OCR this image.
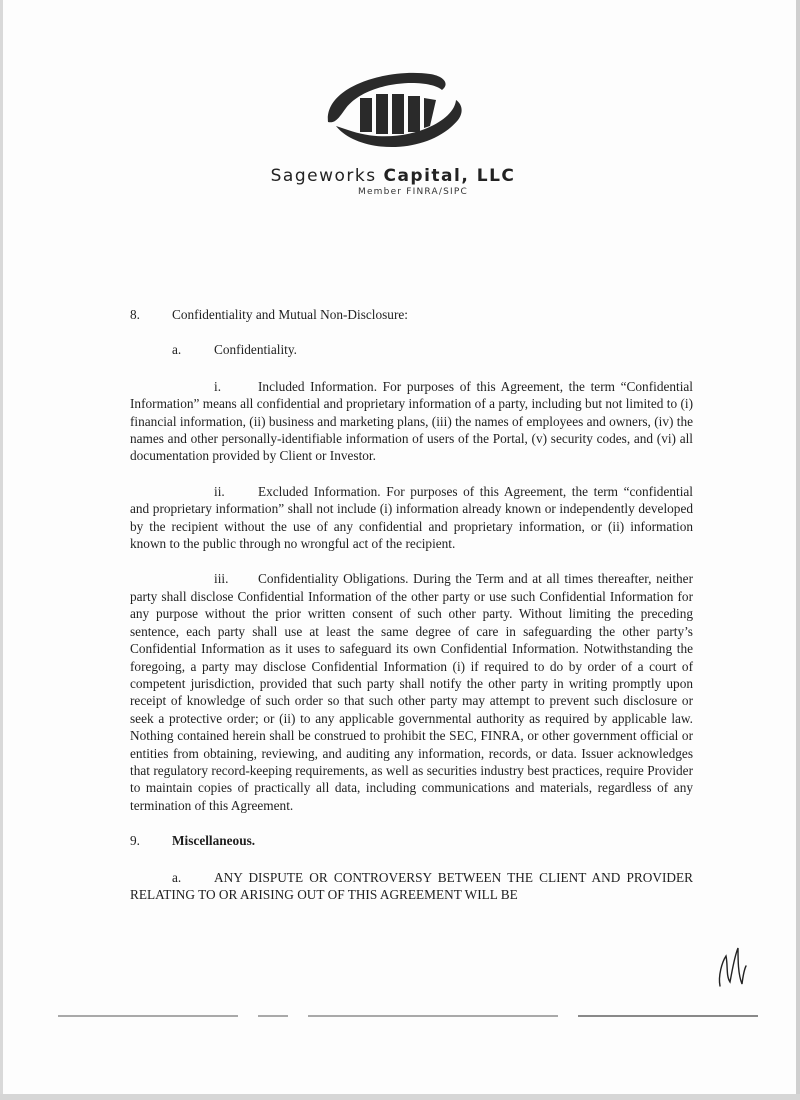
Sageworks Capital, LLC
Member FINRA/SIPC
8.	Confidentiality and Mutual Non-Disclosure:
a.	Confidentiality.

i.	Included Information. For purposes of this Agreement, the term “Confidential Information” means all confidential and proprietary information of a party, including but not limited to (i) financial information, (ii) business and marketing plans, (iii) the names of employees and owners, (iv) the names and other personally-identifiable information of users of the Portal, (v) security codes, and (vi) all documentation provided by Client or Investor.

ii.	Excluded Information. For purposes of this Agreement, the term “confidential and proprietary information” shall not include (i) information already known or independently developed by the recipient without the use of any confidential and proprietary information, or (ii) information known to the public through no wrongful act of the recipient.

iii. Confidentiality Obligations. During the Term and at all times thereafter, neither party shall disclose Confidential Information of the other party or use such Confidential Information for any purpose without the prior written consent of such other party. Without limiting the preceding sentence, each party shall use at least the same degree of care in safeguarding the other party’s Confidential Information as it uses to safeguard its own Confidential Information. Notwithstanding the foregoing, a party may disclose Confidential Information (i) if required to do by order of a court of competent jurisdiction, provided that such party shall notify the other party in writing promptly upon receipt of knowledge of such order so that such other party may attempt to prevent such disclosure or seek a protective order; or (ii) to any applicable governmental authority as required by applicable law. Nothing contained herein shall be construed to prohibit the SEC, FINRA, or other government official or entities from obtaining, reviewing, and auditing any information, records, or data. Issuer acknowledges that regulatory record-keeping requirements, as well as securities industry best practices, require Provider to maintain copies of practically all data, including communications and materials, regardless of any termination of this Agreement.

9.	Miscellaneous.

a. ANY DISPUTE OR CONTROVERSY BETWEEN THE CLIENT AND PROVIDER RELATING TO OR ARISING OUT OF THIS AGREEMENT WILL BE
